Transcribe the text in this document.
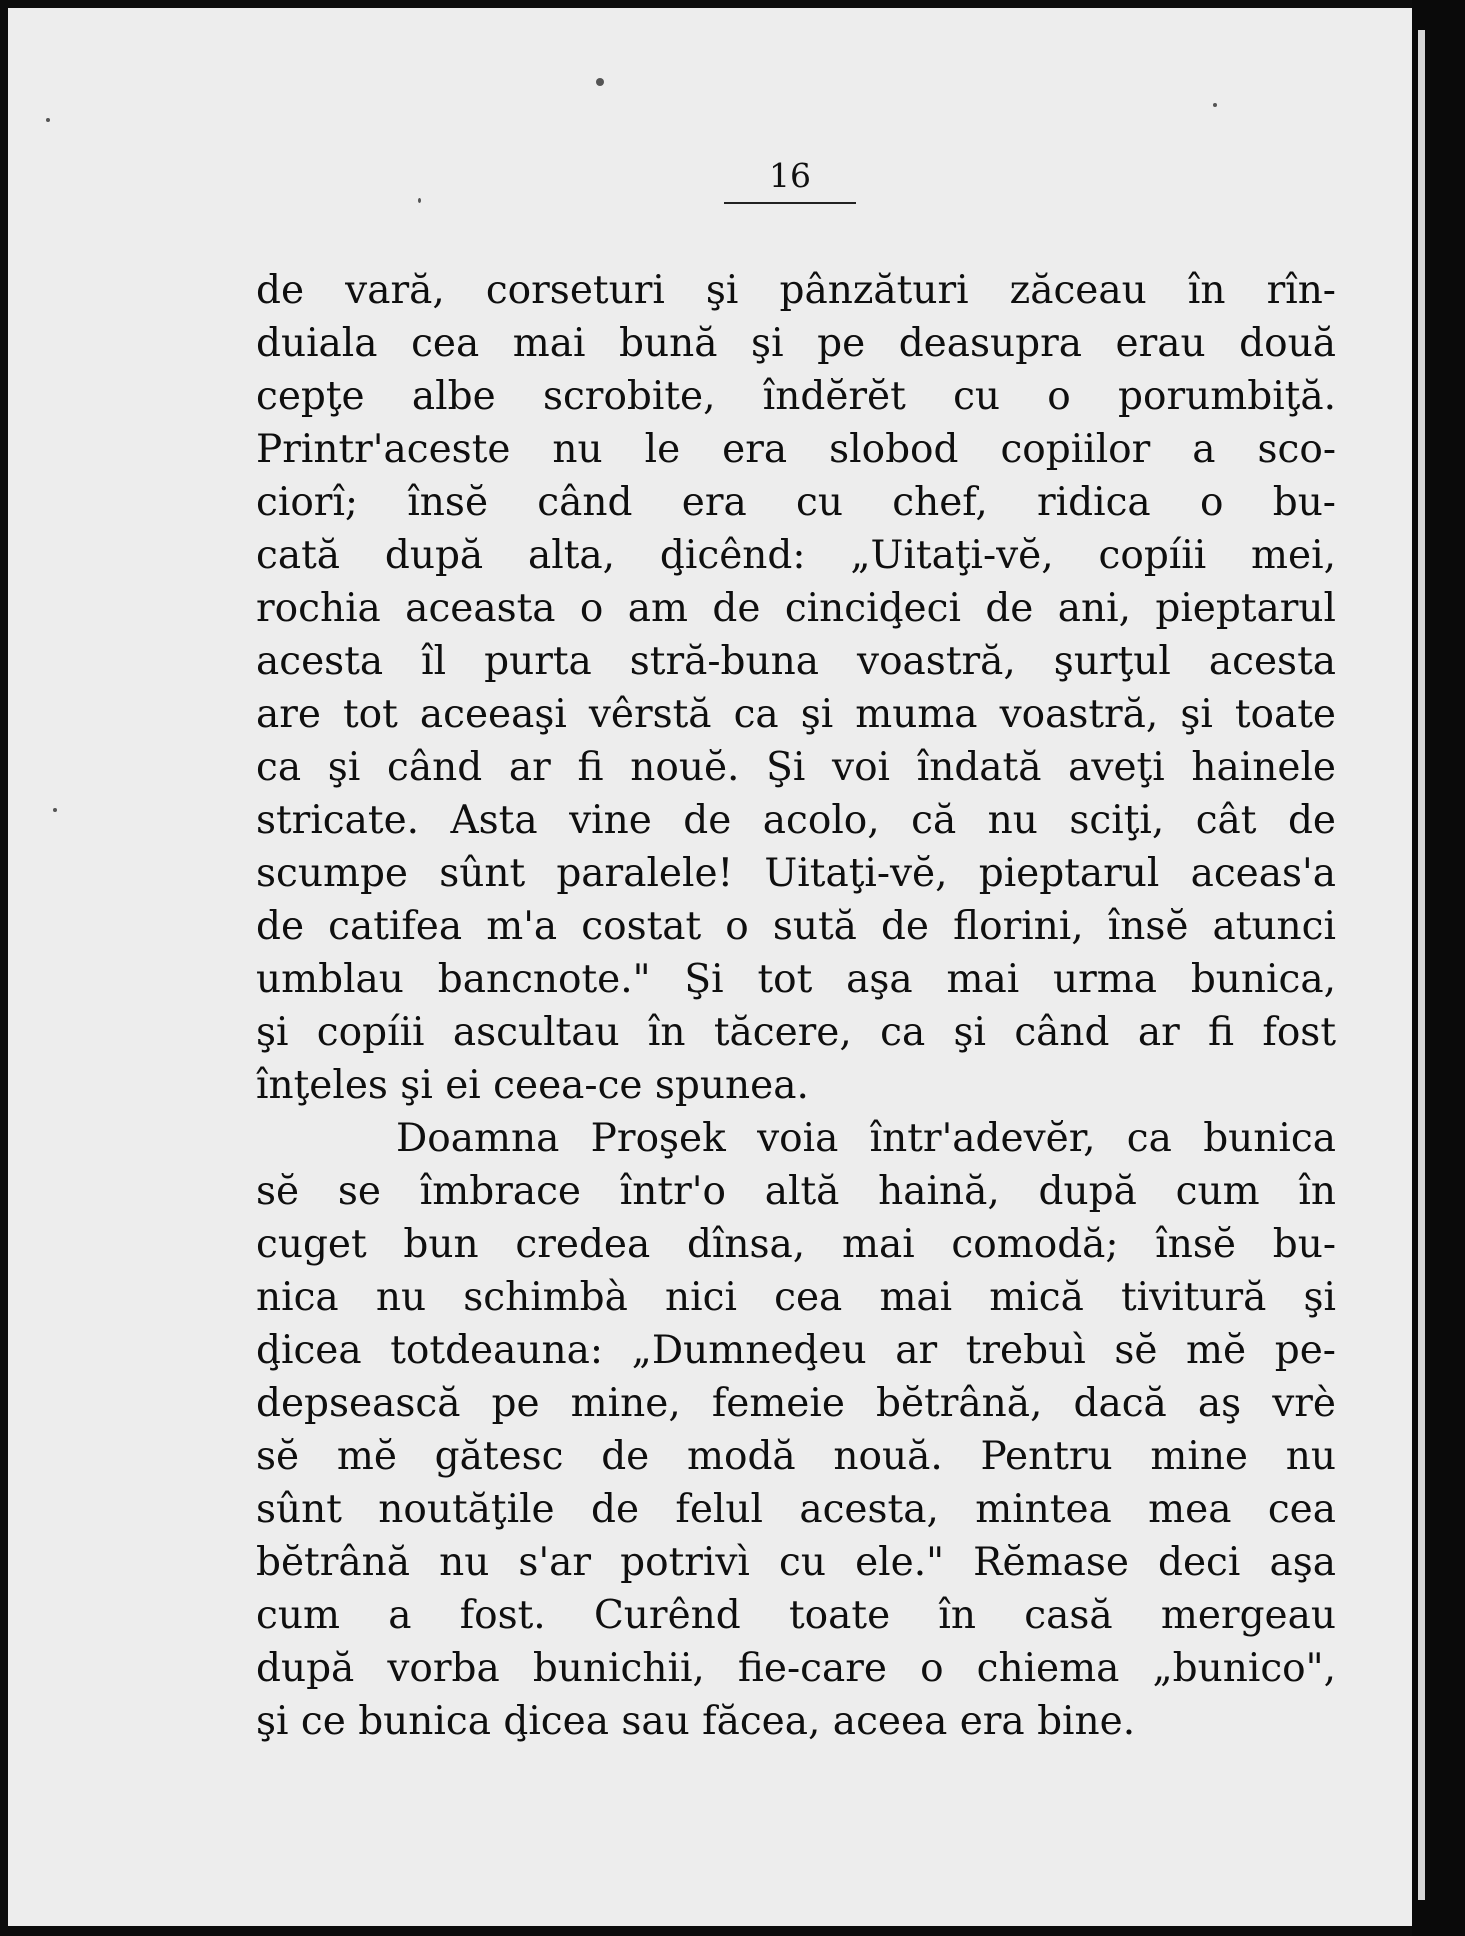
16
de vară, corseturi şi pânzături zăceau în rîn-
duiala cea mai bună şi pe deasupra erau două
cepţe albe scrobite, îndĕrĕt cu o porumbiţă.
Printr'aceste nu le era slobod copiilor a sco-
ciorî; însĕ când era cu chef, ridica o bu-
cată după alta, ḑicênd: „Uitaţi-vĕ, copíii mei,
rochia aceasta o am de cinciḑeci de ani, pieptarul
acesta îl purta stră-buna voastră, şurţul acesta
are tot aceeaşi vêrstă ca şi muma voastră, şi toate
ca şi când ar fi nouĕ. Şi voi îndată aveţi hainele
stricate. Asta vine de acolo, că nu sciţi, cât de
scumpe sûnt paralele! Uitaţi-vĕ, pieptarul aceas'a
de catifea m'a costat o sută de florini, însĕ atunci
umblau bancnote." Şi tot aşa mai urma bunica,
şi copíii ascultau în tăcere, ca şi când ar fi fost
înţeles şi ei ceea-ce spunea.
Doamna Proşek voia într'adevĕr, ca bunica
sĕ se îmbrace într'o altă haină, după cum în
cuget bun credea dînsa, mai comodă; însĕ bu-
nica nu schimbà nici cea mai mică tivitură şi
ḑicea totdeauna: „Dumneḑeu ar trebuì sĕ mĕ pe-
depsească pe mine, femeie bĕtrână, dacă aş vrè
sĕ mĕ gătesc de modă nouă. Pentru mine nu
sûnt noutăţile de felul acesta, mintea mea cea
bĕtrână nu s'ar potrivì cu ele." Rĕmase deci aşa
cum a fost. Curênd toate în casă mergeau
după vorba bunichii, fie-care o chiema „bunico",
şi ce bunica ḑicea sau făcea, aceea era bine.
